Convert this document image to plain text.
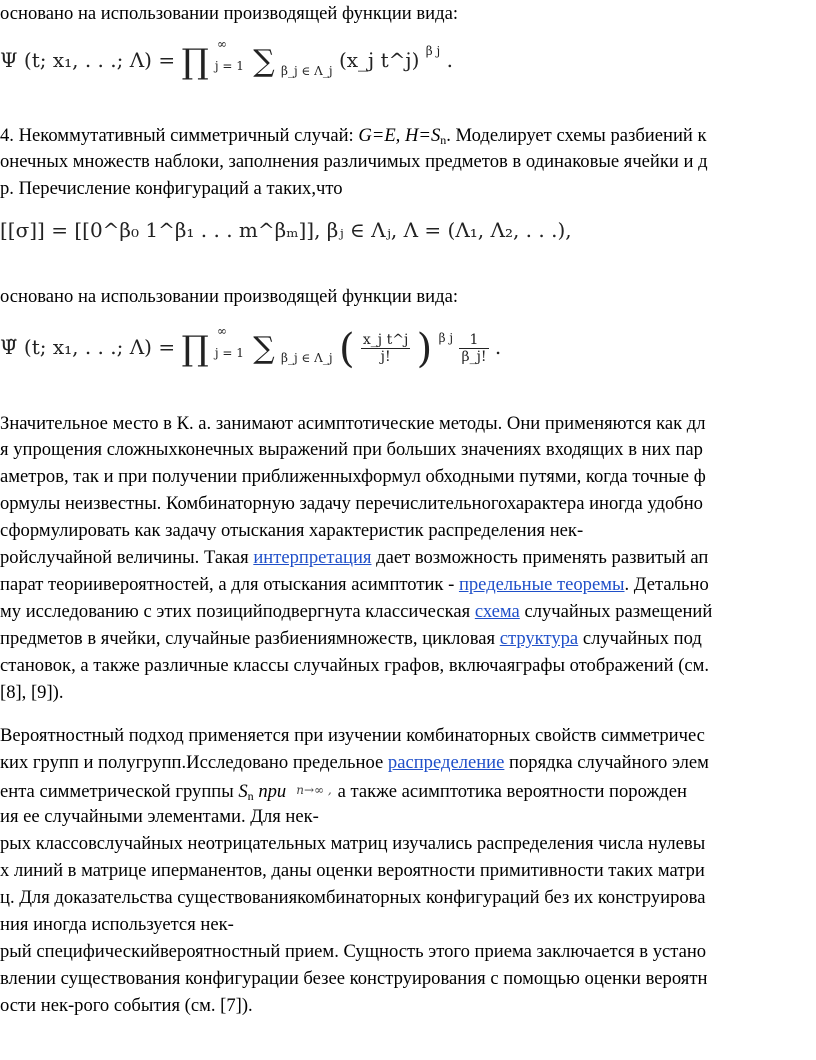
основано на использовании производящей функции вида:
Ψ (t; x₁, . . .; Λ) = ∏ ∞
j = 1 ∑ $_{\beta\_j \in \Lambda\_j}$ (x_j t^j) $^{\beta j}$ .
4. Некоммутативный симметричный случай: G=E, $H=S_n$. Моделирует схемы разбиений к
онечных множеств наблоки, заполнения различимых предметов в одинаковые ячейки и д
р. Перечисление конфигураций а таких,что
[[σ]] = [[0^β₀ 1^β₁ . . . m^βₘ]], βⱼ ∈ Λⱼ, Λ = (Λ₁, Λ₂, . . .),
основано на использовании производящей функции вида:
Ψ̃ (t; x₁, . . .; Λ) = ∏ ∞
j = 1 ∑ $_{\beta\_j \in \Lambda\_j}$ ( $\frac{\text{x\_j t\textasciicircum{}j}}{j!}$ ) $^{\beta j} \frac{1}{\beta\_j!}$ .
Значительное место в К. а. занимают асимптотические методы. Они применяются как дл
я упрощения сложныхконечных выражений при больших значениях входящих в них пар
аметров, так и при получении приближенныхформул обходными путями, когда точные ф
ормулы неизвестны. Комбинаторную задачу перечислительногохарактера иногда удобно
сформулировать как задачу отыскания характеристик распределения нек-
ройслучайной величины. Такая интерпретация дает возможность применять развитый ап
парат теориивероятностей, а для отыскания асимптотик - предельные теоремы. Детально
му исследованию с этих позицийподвергнута классическая схема случайных размещений
предметов в ячейки, случайные разбиениямножеств, цикловая структура случайных под
становок, а также различные классы случайных графов, включаяграфы отображений (см.
[8], [9]).
Вероятностный подход применяется при изучении комбинаторных свойств симметричес
ких групп и полугрупп.Исследовано предельное распределение порядка случайного элем
ента симметрической группы $S_n$ при n→∞ , а также асимптотика вероятности порожден
ия ее случайными элементами. Для нек-
рых классовслучайных неотрицательных матриц изучались распределения числа нулевы
х линий в матрице иперманентов, даны оценки вероятности примитивности таких матри
ц. Для доказательства существованиякомбинаторных конфигураций без их конструирова
ния иногда используется нек-
рый специфическийвероятностный прием. Сущность этого приема заключается в устано
влении существования конфигурации безее конструирования с помощью оценки вероятн
ости нек-рого события (см. [7]).
